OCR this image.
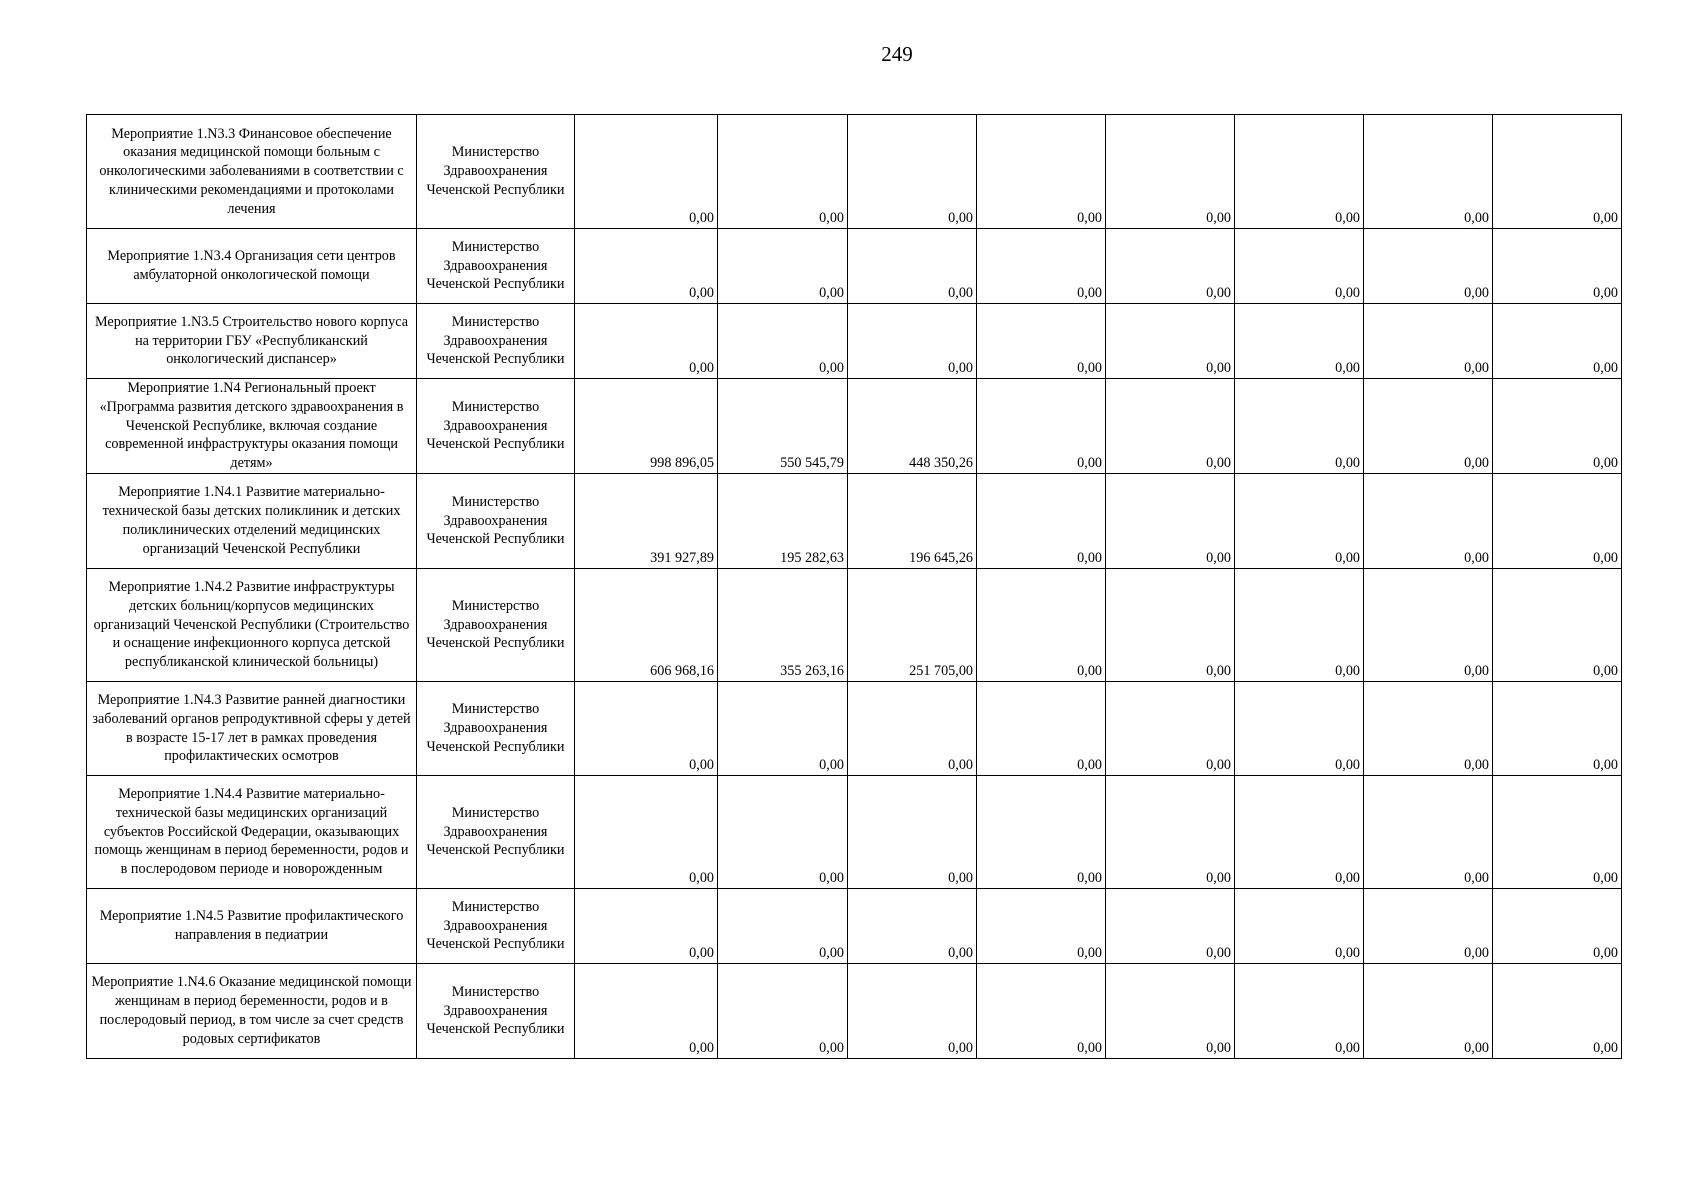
249
Мероприятие 1.N3.3 Финансовое обеспечение оказания медицинской помощи больным с онкологическими заболеваниями в соответствии с клиническими рекомендациями и протоколами лечения	Министерство Здравоохранения Чеченской Республики	0,00	0,00	0,00	0,00	0,00	0,00	0,00	0,00
Мероприятие 1.N3.4 Организация сети центров амбулаторной онкологической помощи	Министерство Здравоохранения Чеченской Республики	0,00	0,00	0,00	0,00	0,00	0,00	0,00	0,00
Мероприятие 1.N3.5 Строительство нового корпуса на территории ГБУ «Республиканский онкологический диспансер»	Министерство Здравоохранения Чеченской Республики	0,00	0,00	0,00	0,00	0,00	0,00	0,00	0,00
Мероприятие 1.N4 Региональный проект «Программа развития детского здравоохранения в Чеченской Республике, включая создание современной инфраструктуры оказания помощи детям»	Министерство Здравоохранения Чеченской Республики	998 896,05	550 545,79	448 350,26	0,00	0,00	0,00	0,00	0,00
Мероприятие 1.N4.1 Развитие материально-технической базы детских поликлиник и детских поликлинических отделений медицинских организаций Чеченской Республики	Министерство Здравоохранения Чеченской Республики	391 927,89	195 282,63	196 645,26	0,00	0,00	0,00	0,00	0,00
Мероприятие 1.N4.2 Развитие инфраструктуры детских больниц/корпусов медицинских организаций Чеченской Республики (Строительство и оснащение инфекционного корпуса детской республиканской клинической больницы)	Министерство Здравоохранения Чеченской Республики	606 968,16	355 263,16	251 705,00	0,00	0,00	0,00	0,00	0,00
Мероприятие 1.N4.3 Развитие ранней диагностики заболеваний органов репродуктивной сферы у детей в возрасте 15-17 лет в рамках проведения профилактических осмотров	Министерство Здравоохранения Чеченской Республики	0,00	0,00	0,00	0,00	0,00	0,00	0,00	0,00
Мероприятие 1.N4.4 Развитие материально-технической базы медицинских организаций субъектов Российской Федерации, оказывающих помощь женщинам в период беременности, родов и в послеродовом периоде и новорожденным	Министерство Здравоохранения Чеченской Республики	0,00	0,00	0,00	0,00	0,00	0,00	0,00	0,00
Мероприятие 1.N4.5 Развитие профилактического направления в педиатрии	Министерство Здравоохранения Чеченской Республики	0,00	0,00	0,00	0,00	0,00	0,00	0,00	0,00
Мероприятие 1.N4.6 Оказание медицинской помощи женщинам в период беременности, родов и в послеродовый период, в том числе за счет средств родовых сертификатов	Министерство Здравоохранения Чеченской Республики	0,00	0,00	0,00	0,00	0,00	0,00	0,00	0,00
